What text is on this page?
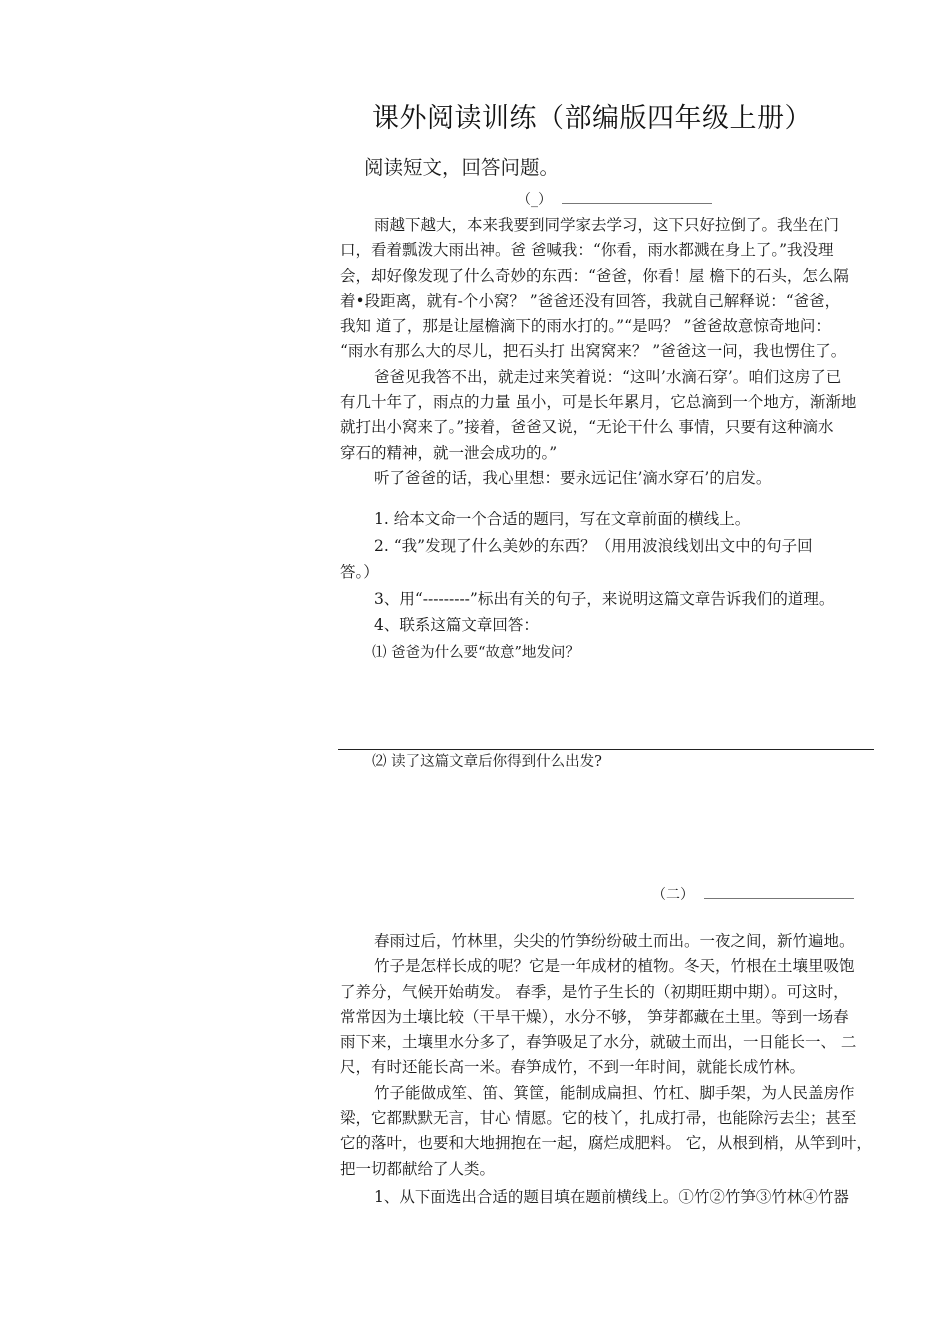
课外阅读训练（部编版四年级上册）
阅读短文，回答问题。
（_）
雨越下越大，本来我要到同学家去学习，这下只好拉倒了。我坐在门
口，看着瓢泼大雨出神。爸 爸喊我：“你看，雨水都溅在身上了。”我没理
会，却好像发现了什么奇妙的东西：“爸爸，你看！屋 檐下的石头，怎么隔
着•段距离，就有-个小窝？ ”爸爸还没有回答，我就自己解释说：“爸爸，
我知 道了，那是让屋檐滴下的雨水打的。”“是吗？ ”爸爸故意惊奇地问：
“雨水有那么大的尽儿，把石头打 出窝窝来？ ”爸爸这一问，我也愣住了。
爸爸见我答不出，就走过来笑着说：“这叫’水滴石穿’。咱们这房了已
有几十年了，雨点的力量 虽小，可是长年累月，它总滴到一个地方，渐渐地
就打出小窝来了。”接着，爸爸又说，“无论干什么 事情，只要有这种滴水
穿石的精神，就一泄会成功的。”
听了爸爸的话，我心里想：要永远记住’滴水穿石’的启发。
1. 给本文命一个合适的题冃，写在文章前面的横线上。
2. “我”发现了什么美妙的东西？（用用波浪线划出文中的句子回
答。）
3、用“---------”标出有关的句子，来说明这篇文章告诉我们的道理。
4、联系这篇文章回答：
⑴ 爸爸为什么要“故意”地发问？
⑵ 读了这篇文章后你得到什么出发?
（二）
春雨过后，竹林里，尖尖的竹笋纷纷破土而出。一夜之间，新竹遍地。
竹子是怎样长成的呢？它是一年成材的植物。冬天，竹根在土壤里吸饱
了养分，气候开始萌发。 春季，是竹子生长的（初期旺期中期）。可这时，
常常因为土壤比较（干旱干燥），水分不够， 笋芽都藏在土里。等到一场春
雨下来，土壤里水分多了，春笋吸足了水分，就破土而出，一日能长一、 二
尺，有时还能长高一米。春笋成竹，不到一年时间，就能长成竹林。
竹子能做成笙、笛、箕筐，能制成扁担、竹杠、脚手架，为人民盖房作
梁，它都默默无言，甘心 情愿。它的枝丫，扎成打帚，也能除污去尘；甚至
它的落叶，也要和大地拥抱在一起，腐烂成肥料。 它，从根到梢，从竿到叶，
把一切都献给了人类。
1、从下面选出合适的题目填在题前横线上。①竹②竹笋③竹林④竹器
